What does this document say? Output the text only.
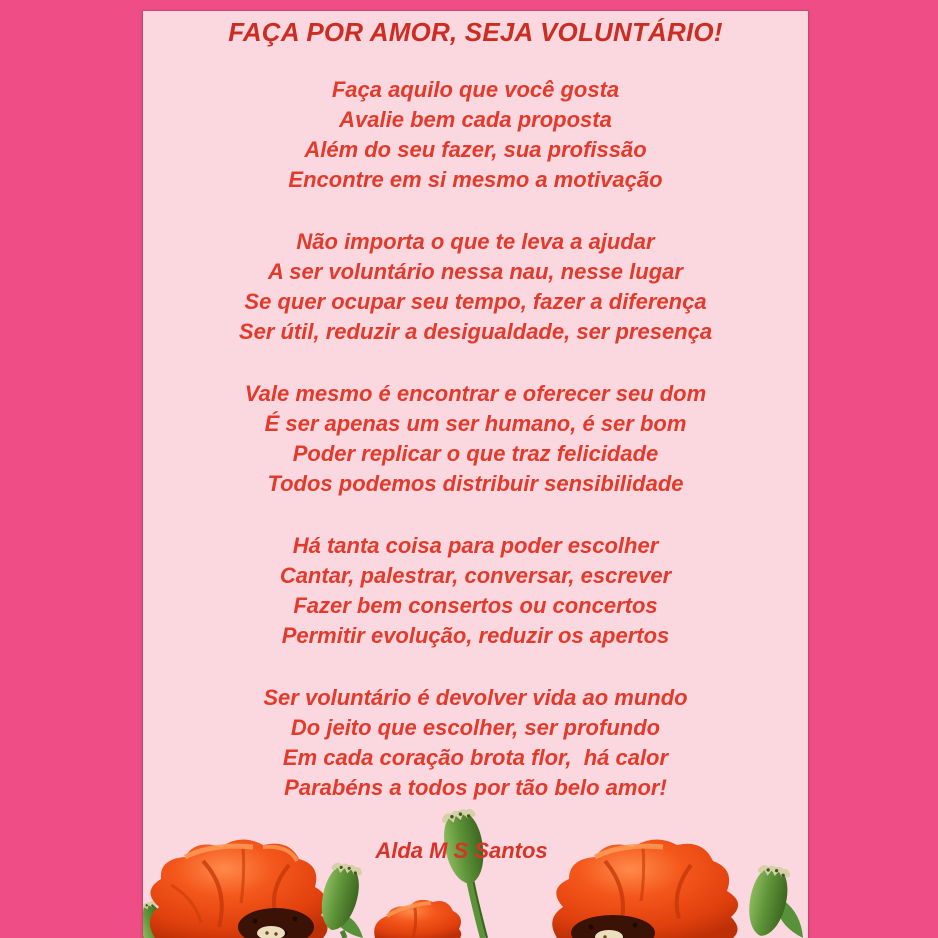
FAÇA POR AMOR, SEJA VOLUNTÁRIO!
Faça aquilo que você gosta
Avalie bem cada proposta
Além do seu fazer, sua profissão
Encontre em si mesmo a motivação
Não importa o que te leva a ajudar
A ser voluntário nessa nau, nesse lugar
Se quer ocupar seu tempo, fazer a diferença
Ser útil, reduzir a desigualdade, ser presença
Vale mesmo é encontrar e oferecer seu dom
É ser apenas um ser humano, é ser bom
Poder replicar o que traz felicidade
Todos podemos distribuir sensibilidade
Há tanta coisa para poder escolher
Cantar, palestrar, conversar, escrever
Fazer bem consertos ou concertos
Permitir evolução, reduzir os apertos
Ser voluntário é devolver vida ao mundo
Do jeito que escolher, ser profundo
Em cada coração brota flor,  há calor
Parabéns a todos por tão belo amor!
Alda M S Santos
